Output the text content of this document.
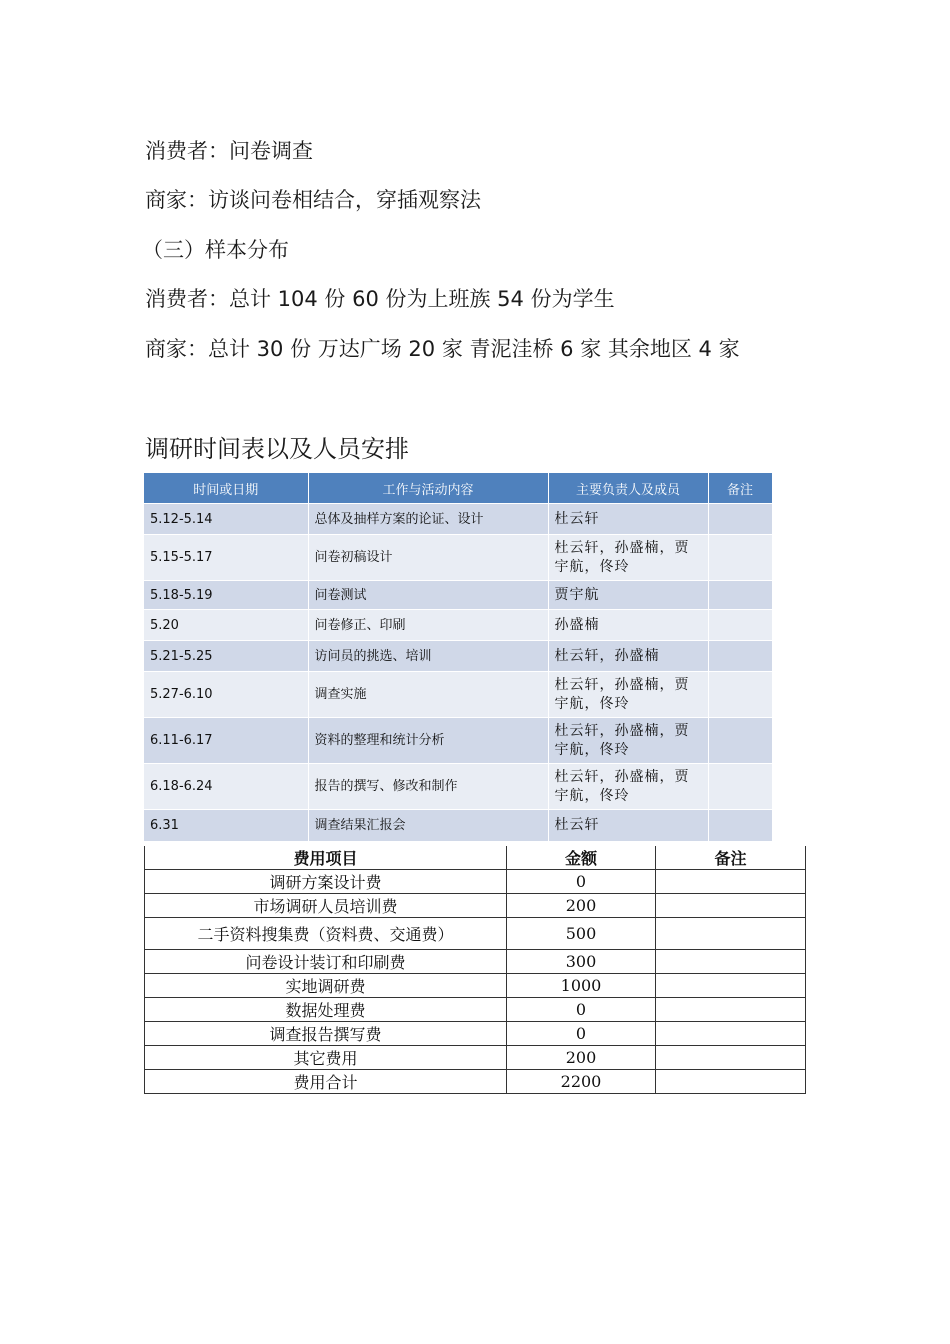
消费者：问卷调查
商家：访谈问卷相结合，穿插观察法
（三）样本分布
消费者：总计 104 份 60 份为上班族 54 份为学生
商家：总计 30 份 万达广场 20 家 青泥洼桥 6 家 其余地区 4 家
调研时间表以及人员安排
时间或日期	工作与活动内容	主要负责人及成员	备注
5.12-5.14	总体及抽样方案的论证、设计	杜云轩	
5.15-5.17	问卷初稿设计	杜云轩，孙盛楠，贾宇航，佟玲	
5.18-5.19	问卷测试	贾宇航	
5.20	问卷修正、印刷	孙盛楠	
5.21-5.25	访问员的挑选、培训	杜云轩，孙盛楠	
5.27-6.10	调查实施	杜云轩，孙盛楠，贾宇航，佟玲	
6.11-6.17	资料的整理和统计分析	杜云轩，孙盛楠，贾宇航，佟玲	
6.18-6.24	报告的撰写、修改和制作	杜云轩，孙盛楠，贾宇航，佟玲	
6.31	调查结果汇报会	杜云轩	
费用项目	金额	备注
调研方案设计费	0	
市场调研人员培训费	200	
二手资料搜集费（资料费、交通费）	500	
问卷设计装订和印刷费	300	
实地调研费	1000	
数据处理费	0	
调查报告撰写费	0	
其它费用	200	
费用合计	2200	
